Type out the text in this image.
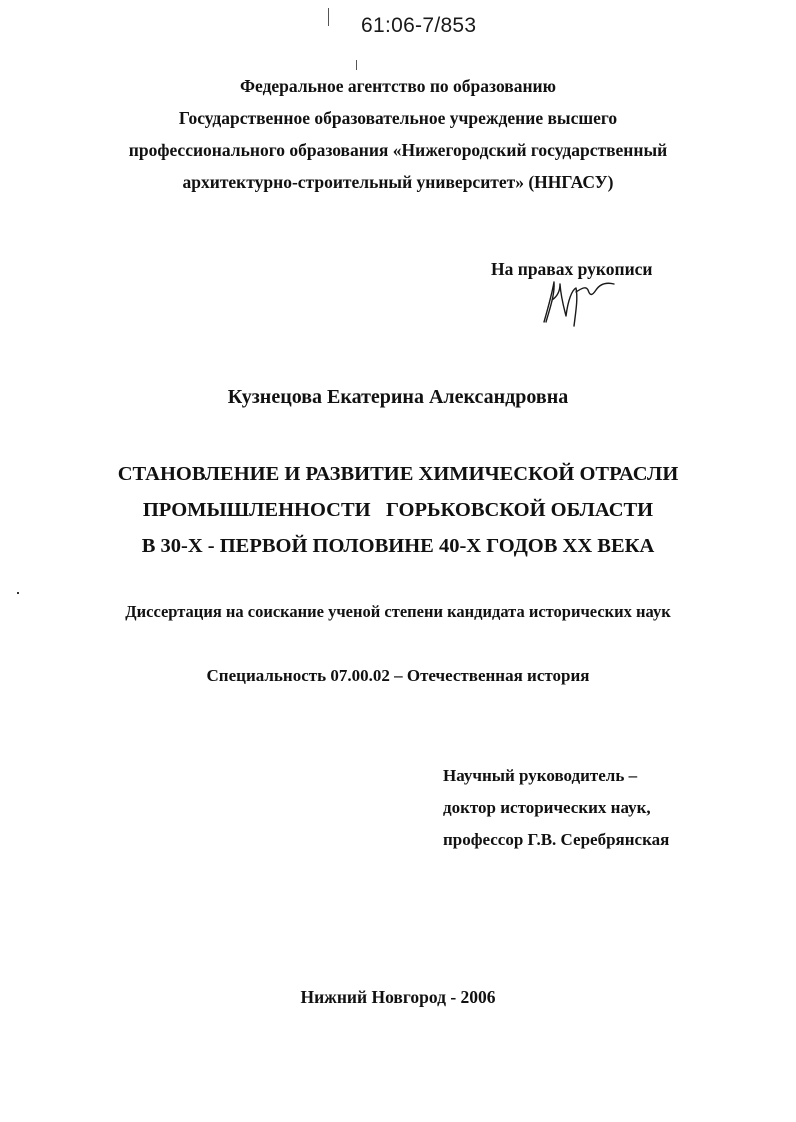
61:06-7/853
Федеральное агентство по образованию
Государственное образовательное учреждение высшего
профессионального образования «Нижегородский государственный
архитектурно-строительный университет» (ННГАСУ)
На правах рукописи
Кузнецова Екатерина Александровна
СТАНОВЛЕНИЕ И РАЗВИТИЕ ХИМИЧЕСКОЙ ОТРАСЛИ
ПРОМЫШЛЕННОСТИ   ГОРЬКОВСКОЙ ОБЛАСТИ
В 30-Х - ПЕРВОЙ ПОЛОВИНЕ 40-Х ГОДОВ XX ВЕКА
Диссертация на соискание ученой степени кандидата исторических наук
Специальность 07.00.02 – Отечественная история
Научный руководитель –
доктор исторических наук,
профессор Г.В. Серебрянская
Нижний Новгород - 2006
